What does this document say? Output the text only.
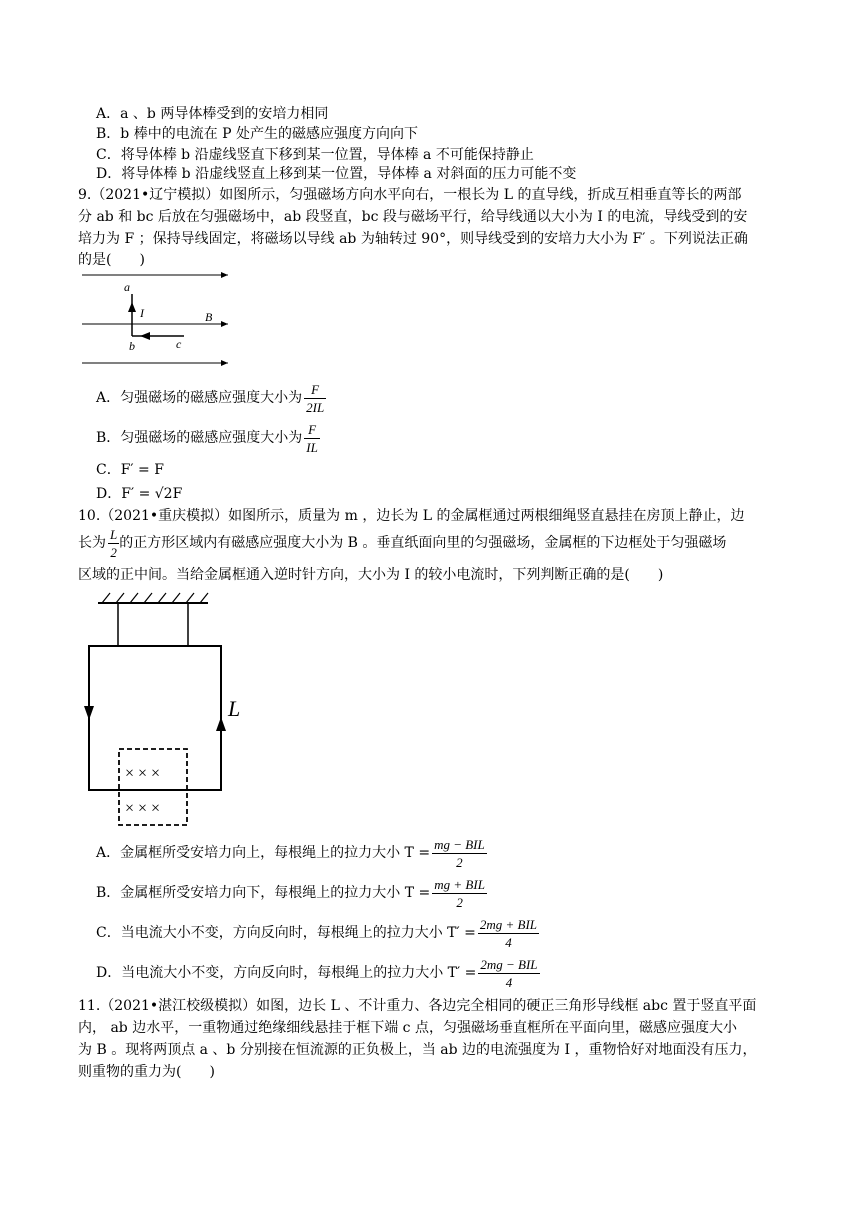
A．a 、b 两导体棒受到的安培力相同
B．b 棒中的电流在 P 处产生的磁感应强度方向向下
C．将导体棒 b 沿虚线竖直下移到某一位置，导体棒 a 不可能保持静止
D．将导体棒 b 沿虚线竖直上移到某一位置，导体棒 a 对斜面的压力可能不变
9.（2021•辽宁模拟）如图所示，匀强磁场方向水平向右，一根长为 L 的直导线，折成互相垂直等长的两部
分 ab 和 bc 后放在匀强磁场中，ab 段竖直，bc 段与磁场平行，给导线通以大小为 I 的电流，导线受到的安
培力为 F ；保持导线固定，将磁场以导线 ab 为轴转过 90°，则导线受到的安培力大小为 F′ 。下列说法正确
的是(　　)
a
I	B
b	c
A．匀强磁场的磁感应强度大小为 $\frac{F}{2IL}$
B．匀强磁场的磁感应强度大小为 $\frac{F}{IL}$
C．F′ = F
D．F′ = √2F
10.（2021•重庆模拟）如图所示，质量为 m ，边长为 L 的金属框通过两根细绳竖直悬挂在房顶上静止，边
长为 $\frac{L}{2}$ 的正方形区域内有磁感应强度大小为 B 。垂直纸面向里的匀强磁场，金属框的下边框处于匀强磁场
区域的正中间。当给金属框通入逆时针方向，大小为 I 的较小电流时，下列判断正确的是(　　)
L
× × ×
× × ×
A．金属框所受安培力向上，每根绳上的拉力大小 $T = \frac{\text{mg − BIL}}{2}$
B．金属框所受安培力向下，每根绳上的拉力大小 $T = \frac{\text{mg + BIL}}{2}$
C．当电流大小不变，方向反向时，每根绳上的拉力大小 $T' = \frac{\text{2mg + BIL}}{4}$
D．当电流大小不变，方向反向时，每根绳上的拉力大小 $T' = \frac{\text{2mg − BIL}}{4}$
11.（2021•湛江校级模拟）如图，边长 L 、不计重力、各边完全相同的硬正三角形导线框 abc 置于竖直平面
内， ab 边水平，一重物通过绝缘细线悬挂于框下端 c 点，匀强磁场垂直框所在平面向里，磁感应强度大小
为 B 。现将两顶点 a 、b 分别接在恒流源的正负极上，当 ab 边的电流强度为 I ，重物恰好对地面没有压力，
则重物的重力为(　　)
